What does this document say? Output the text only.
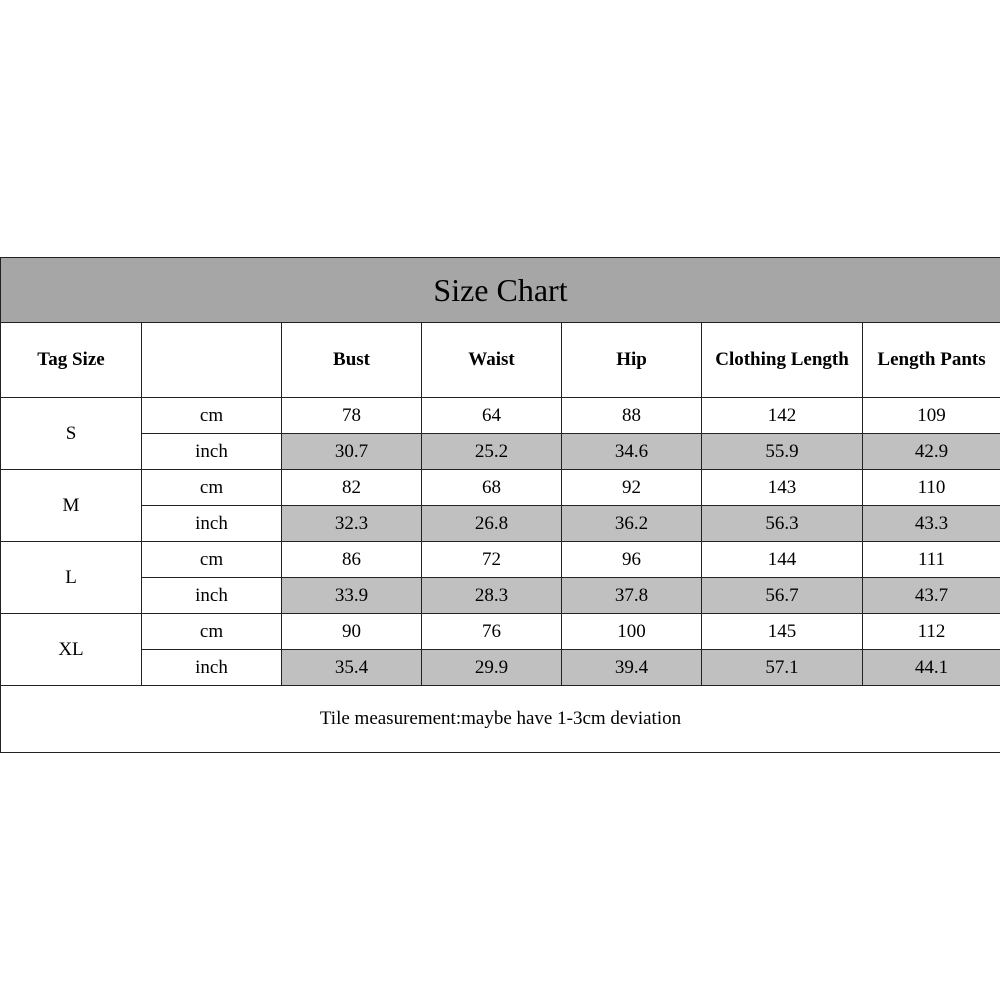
Size Chart						
Tag Size		Bust	Waist	Hip	Clothing Length	Length Pants
S	cm	78	64	88	142	109
	inch	30.7	25.2	34.6	55.9	42.9
M	cm	82	68	92	143	110
	inch	32.3	26.8	36.2	56.3	43.3
L	cm	86	72	96	144	111
	inch	33.9	28.3	37.8	56.7	43.7
XL	cm	90	76	100	145	112
	inch	35.4	29.9	39.4	57.1	44.1
Tile measurement:maybe have 1-3cm deviation						
